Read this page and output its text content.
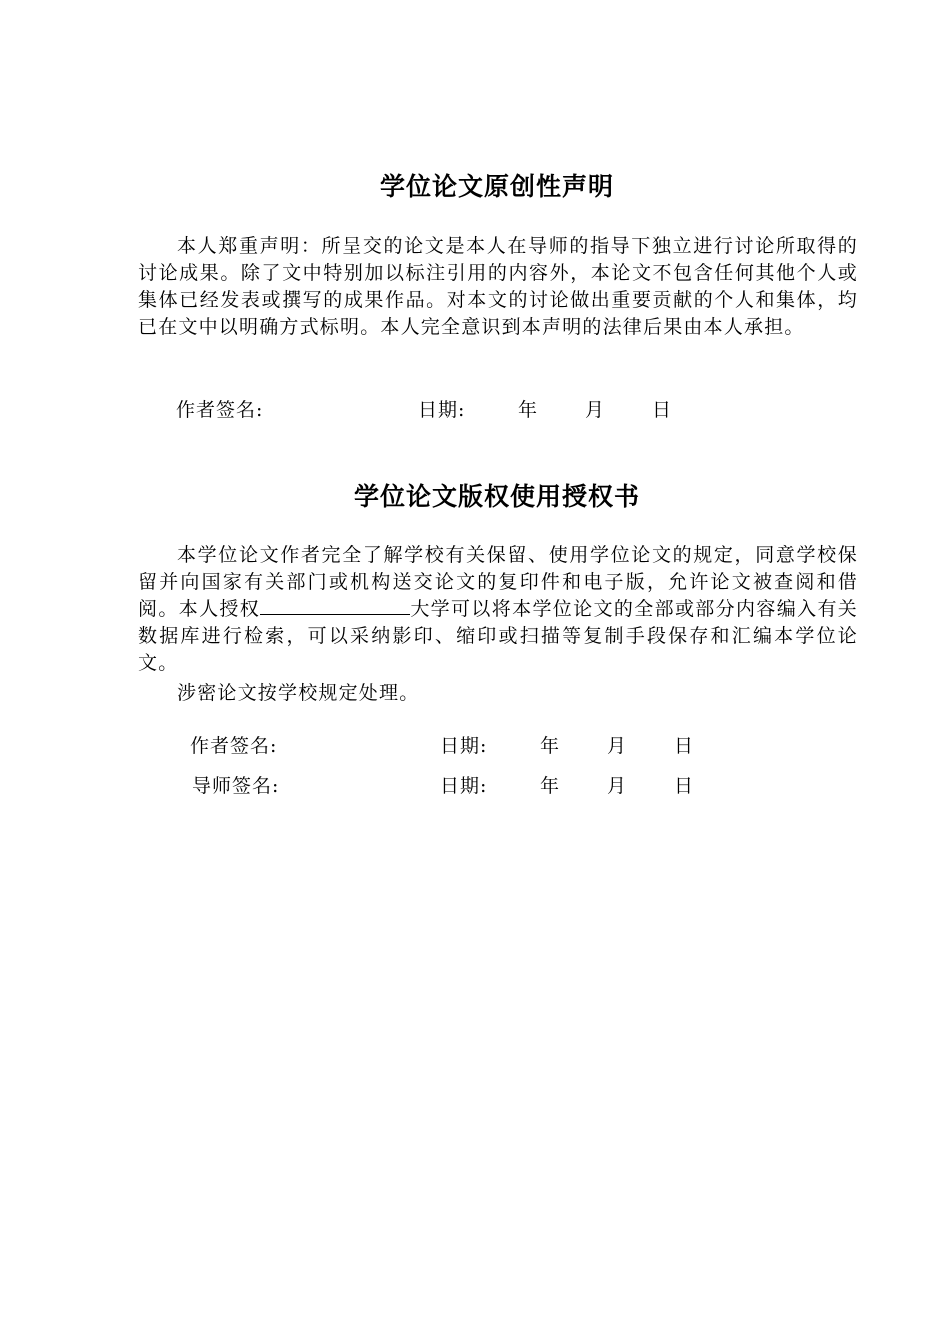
学位论文原创性声明
本人郑重声明：所呈交的论文是本人在导师的指导下独立进行讨论所取得的讨论成果。除了文中特别加以标注引用的内容外，本论文不包含任何其他个人或集体已经发表或撰写的成果作品。对本文的讨论做出重要贡献的个人和集体，均已在文中以明确方式标明。本人完全意识到本声明的法律后果由本人承担。
作者签名:	日期:	年 月 日
学位论文版权使用授权书
本学位论文作者完全了解学校有关保留、使用学位论文的规定，同意学校保留并向国家有关部门或机构送交论文的复印件和电子版，允许论文被查阅和借阅。本人授权	大学可以将本学位论文的全部或部分内容编入有关数据库进行检索，可以采纳影印、缩印或扫描等复制手段保存和汇编本学位论文。
涉密论文按学校规定处理。
作者签名:	日期:	年 月 日
导师签名:	日期:	年 月 日
